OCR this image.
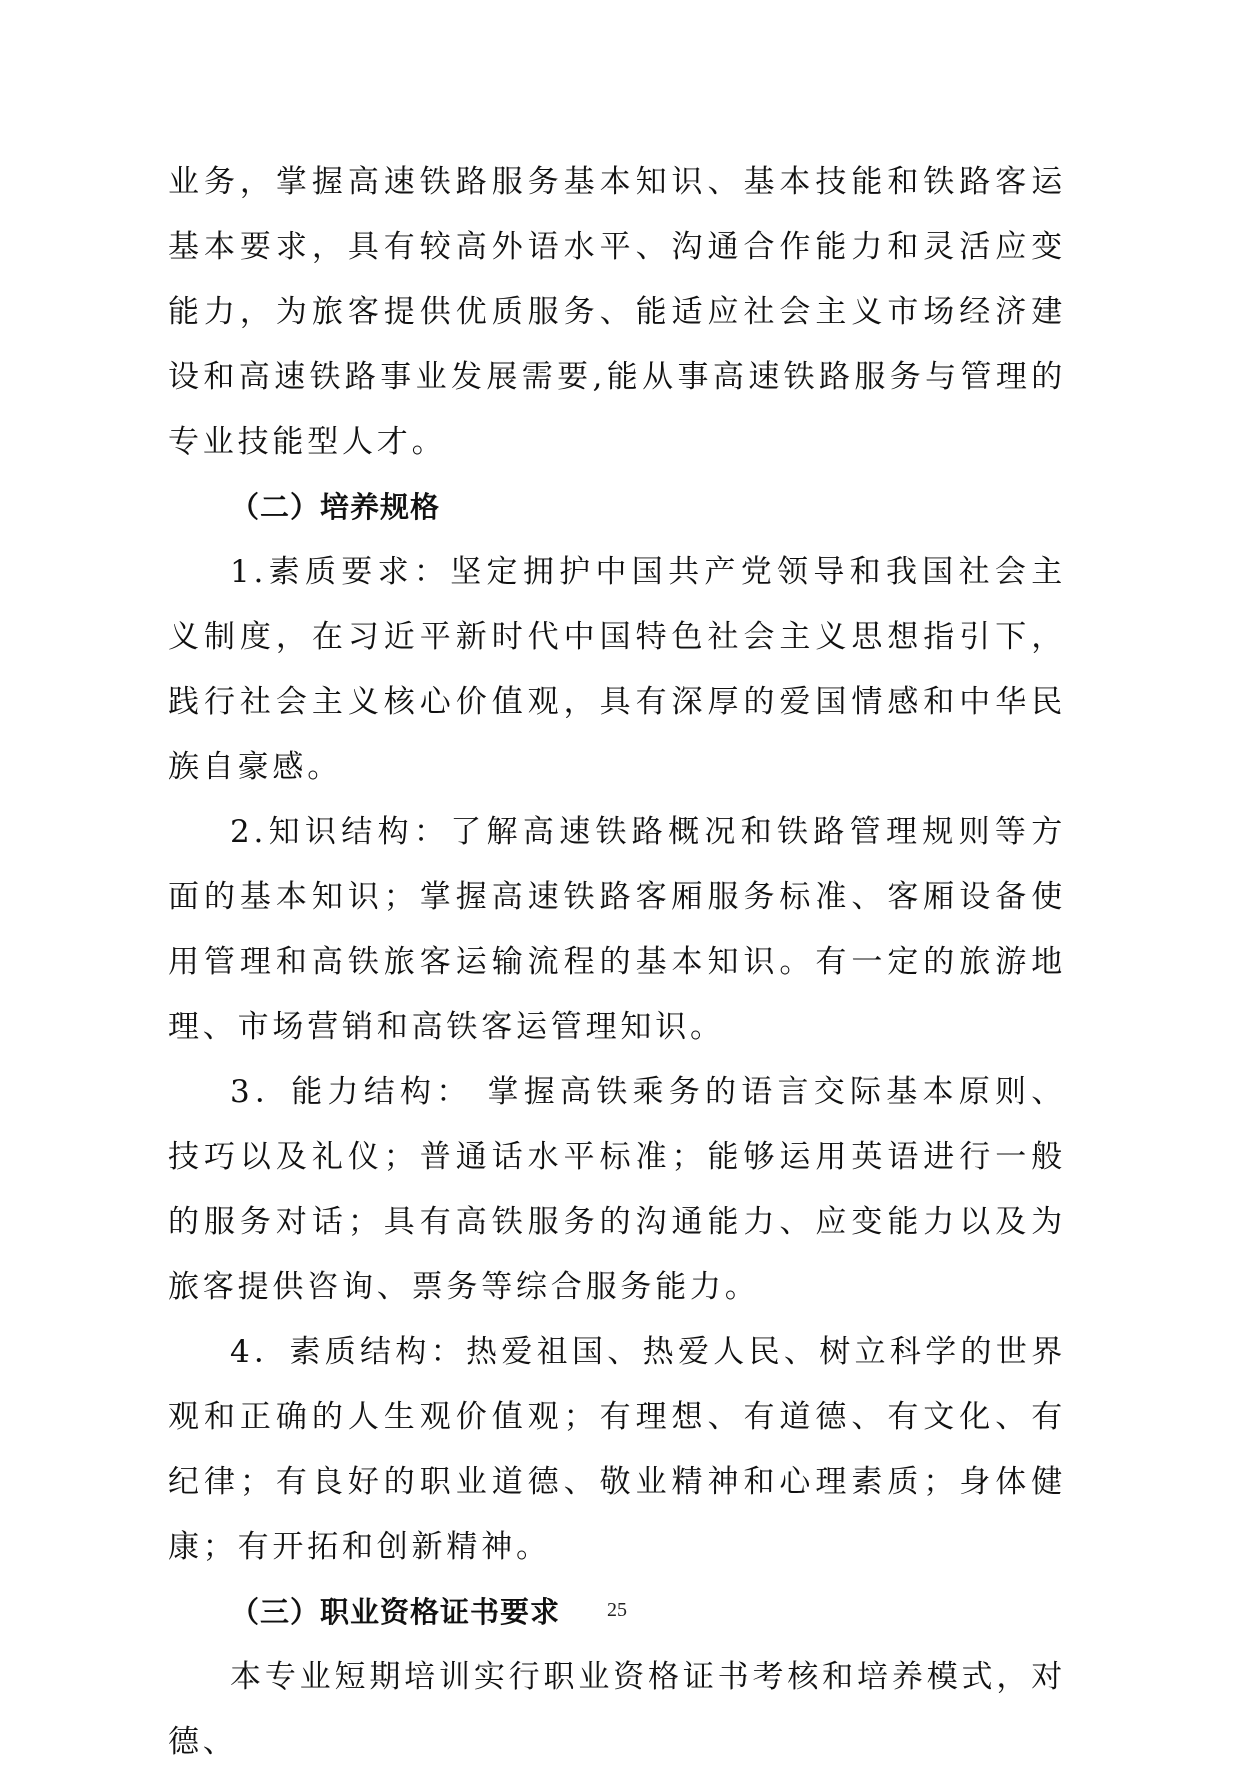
业务，掌握高速铁路服务基本知识、基本技能和铁路客运基本要求，具有较高外语水平、沟通合作能力和灵活应变能力，为旅客提供优质服务、能适应社会主义市场经济建设和高速铁路事业发展需要,能从事高速铁路服务与管理的专业技能型人才。

（二）培养规格

1.素质要求：坚定拥护中国共产党领导和我国社会主义制度，在习近平新时代中国特色社会主义思想指引下，践行社会主义核心价值观，具有深厚的爱国情感和中华民族自豪感。

2.知识结构：了解高速铁路概况和铁路管理规则等方面的基本知识；掌握高速铁路客厢服务标准、客厢设备使用管理和高铁旅客运输流程的基本知识。有一定的旅游地理、市场营销和高铁客运管理知识。

3．能力结构： 掌握高铁乘务的语言交际基本原则、技巧以及礼仪；普通话水平标准；能够运用英语进行一般的服务对话；具有高铁服务的沟通能力、应变能力以及为旅客提供咨询、票务等综合服务能力。

4．素质结构：热爱祖国、热爱人民、树立科学的世界观和正确的人生观价值观；有理想、有道德、有文化、有纪律；有良好的职业道德、敬业精神和心理素质；身体健康；有开拓和创新精神。

（三）职业资格证书要求

本专业短期培训实行职业资格证书考核和培养模式，对德、

25
